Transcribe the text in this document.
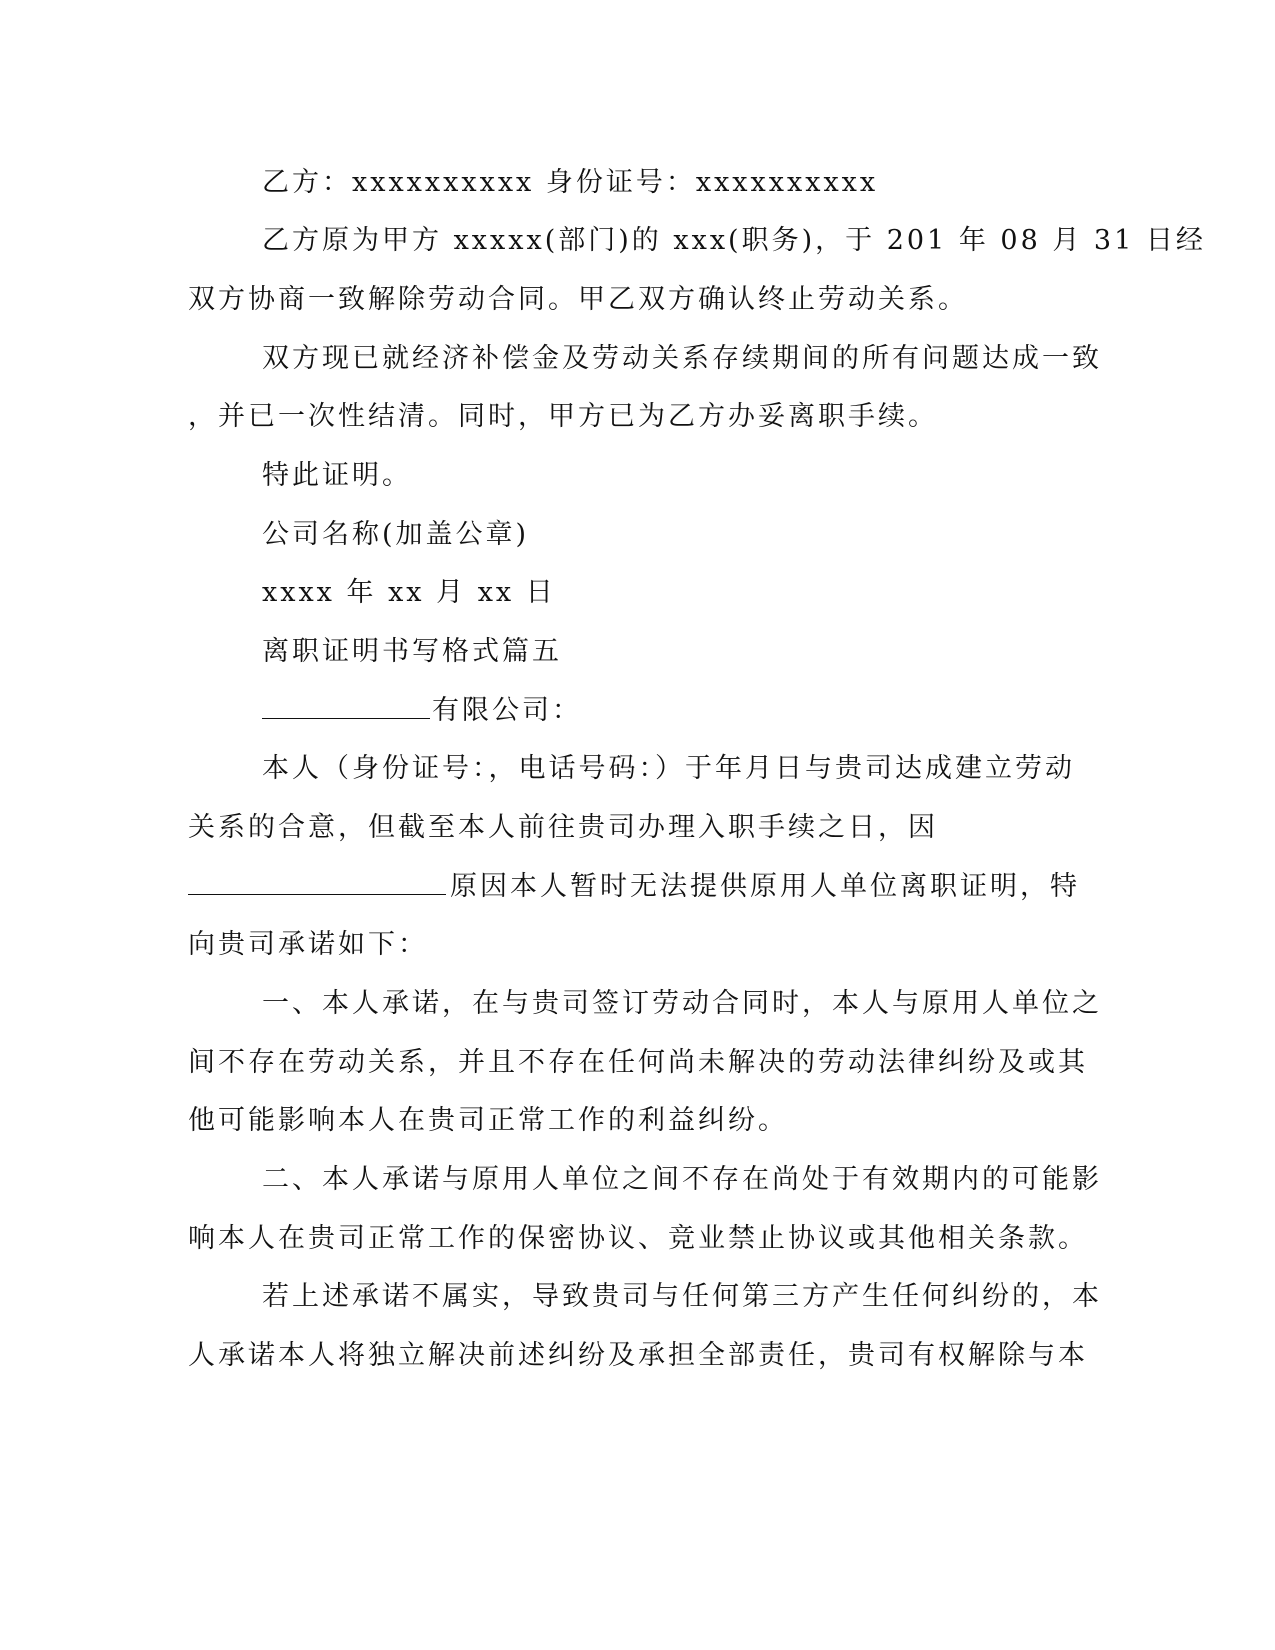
乙方：xxxxxxxxxx 身份证号：xxxxxxxxxx
乙方原为甲方 xxxxx(部门)的 xxx(职务)，于 201 年 08 月 31 日经
双方协商一致解除劳动合同。甲乙双方确认终止劳动关系。
双方现已就经济补偿金及劳动关系存续期间的所有问题达成一致
，并已一次性结清。同时，甲方已为乙方办妥离职手续。
特此证明。
公司名称(加盖公章)
xxxx 年 xx 月 xx 日
离职证明书写格式篇五
有限公司：
本人（身份证号：，电话号码：）于年月日与贵司达成建立劳动
关系的合意，但截至本人前往贵司办理入职手续之日，因
原因本人暂时无法提供原用人单位离职证明，特
向贵司承诺如下：
一、本人承诺，在与贵司签订劳动合同时，本人与原用人单位之
间不存在劳动关系，并且不存在任何尚未解决的劳动法律纠纷及或其
他可能影响本人在贵司正常工作的利益纠纷。
二、本人承诺与原用人单位之间不存在尚处于有效期内的可能影
响本人在贵司正常工作的保密协议、竞业禁止协议或其他相关条款。
若上述承诺不属实，导致贵司与任何第三方产生任何纠纷的，本
人承诺本人将独立解决前述纠纷及承担全部责任，贵司有权解除与本
